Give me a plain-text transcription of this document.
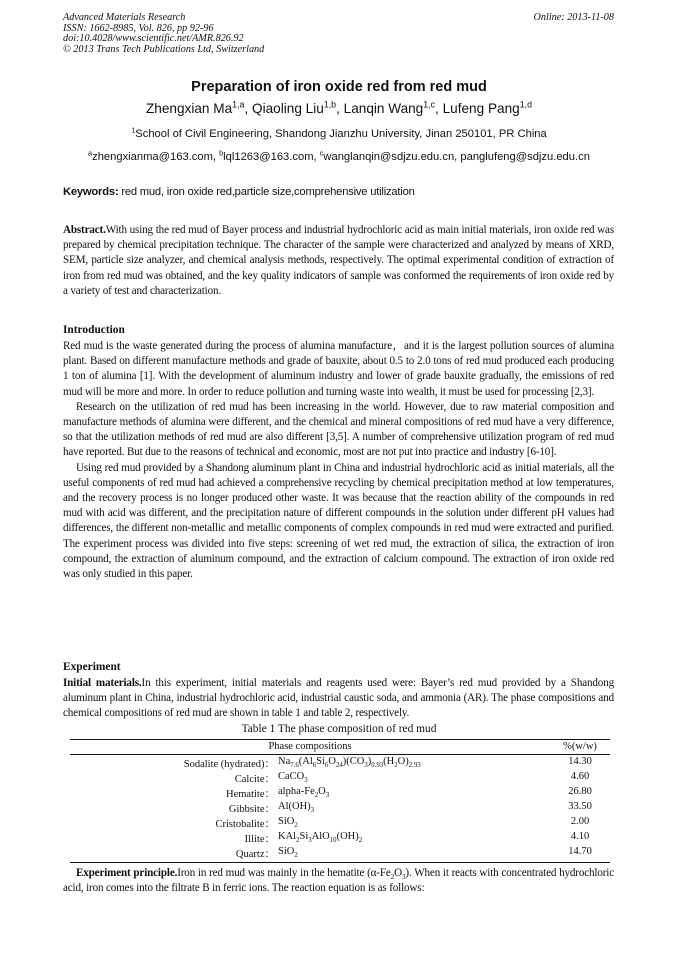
Advanced Materials Research
ISSN: 1662-8985, Vol. 826, pp 92-96
doi:10.4028/www.scientific.net/AMR.826.92
© 2013 Trans Tech Publications Ltd, Switzerland
Online: 2013-11-08
Preparation of iron oxide red from red mud
Zhengxian Ma$^{1,a}$, Qiaoling Liu$^{1,b}$, Lanqin Wang$^{1,c}$, Lufeng Pang$^{1,d}$
$^1$School of Civil Engineering, Shandong Jianzhu University, Jinan 250101, PR China
$^a$zhengxianma@163.com, $^b$lql1263@163.com, $^c$wanglanqin@sdjzu.edu.cn, panglufeng@sdjzu.edu.cn
Keywords: red mud, iron oxide red,particle size,comprehensive utilization

Abstract.With using the red mud of Bayer process and industrial hydrochloric acid as main initial materials, iron oxide red was prepared by chemical precipitation technique. The character of the sample were characterized and analyzed by means of XRD, SEM, particle size analyzer, and chemical analysis methods, respectively. The optimal experimental condition of extraction of iron from red mud was obtained, and the key quality indicators of sample was conformed the requirements of iron oxide red by a variety of test and characterization.

Introduction

Red mud is the waste generated during the process of alumina manufacture，and it is the largest pollution sources of alumina plant. Based on different manufacture methods and grade of bauxite, about 0.5 to 2.0 tons of red mud produced each producing 1 ton of alumina [1]. With the development of aluminum industry and lower of grade bauxite gradually, the emissions of red mud will be more and more. In order to reduce pollution and turning waste into wealth, it must be used for processing [2,3].

Research on the utilization of red mud has been increasing in the world. However, due to raw material composition and manufacture methods of alumina were different, and the chemical and mineral compositions of red mud have a very difference, so that the utilization methods of red mud are also different [3,5]. A number of comprehensive utilization program of red mud have reported. But due to the reasons of technical and economic, most are not put into practice and industry [6-10].

Using red mud provided by a Shandong aluminum plant in China and industrial hydrochloric acid as initial materials, all the useful components of red mud had achieved a comprehensive recycling by chemical precipitation method at low temperatures, and the recovery process is no longer produced other waste. It was because that the reaction ability of the compounds in red mud with acid was different, and the precipitation nature of different compounds in the solution under different pH values had differences, the different non-metallic and metallic components of complex compounds in red mud were extracted and purified. The experiment process was divided into five steps: screening of wet red mud, the extraction of silica, the extraction of iron compound, the extraction of aluminum compound, and the extraction of calcium compound. The extraction of iron oxide red was only studied in this paper.

Experiment

Initial materials.In this experiment, initial materials and reagents used were: Bayer’s red mud provided by a Shandong aluminum plant in China, industrial hydrochloric acid, industrial caustic soda, and ammonia (AR). The phase compositions and chemical compositions of red mud are shown in table 1 and table 2, respectively.

Table 1 The phase composition of red mud
Phase compositions	%(w/w)
Sodalite (hydrated)： $Na_{7.6}(Al_6Si_6O_{24})(CO_3)_{0.93}(H_2O)_{2.93}$	14.30
Calcite： CaCO$_3$	4.60
Hematite： alpha-$Fe_2O_3$	26.80
Gibbsite： $Al(OH)_3$	33.50
Cristobalite： SiO$_2$	2.00
Illite： $KAl_2Si_3AlO_{10}(OH)_2$	4.10
Quartz： SiO$_2$	14.70

Experiment principle.Iron in red mud was mainly in the hematite $(\alpha-Fe_2O_3)$. When it reacts with concentrated hydrochloric acid, iron comes into the filtrate B in ferric ions. The reaction equation is as follows:
